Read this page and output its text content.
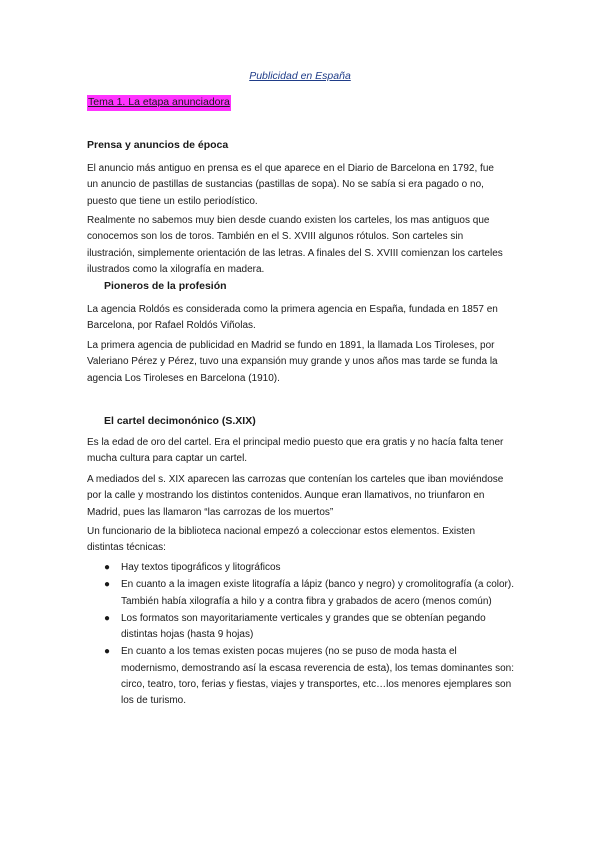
Publicidad en España
Tema 1. La etapa anunciadora
Prensa y anuncios de época

El anuncio más antiguo en prensa es el que aparece en el Diario de Barcelona en 1792, fue un anuncio de pastillas de sustancias (pastillas de sopa). No se sabía si era pagado o no, puesto que tiene un estilo periodístico.

Realmente no sabemos muy bien desde cuando existen los carteles, los mas antiguos que conocemos son los de toros. También en el S. XVIII algunos rótulos. Son carteles sin ilustración, simplemente orientación de las letras. A finales del S. XVIII comienzan los carteles ilustrados como la xilografía en madera.

Pioneros de la profesión

La agencia Roldós es considerada como la primera agencia en España, fundada en 1857 en Barcelona, por Rafael Roldós Viñolas.

La primera agencia de publicidad en Madrid se fundo en 1891, la llamada Los Tiroleses, por Valeriano Pérez y Pérez, tuvo una expansión muy grande y unos años mas tarde se funda la agencia Los Tiroleses en Barcelona (1910).

El cartel decimonónico (S.XIX)

Es la edad de oro del cartel. Era el principal medio puesto que era gratis y no hacía falta tener mucha cultura para captar un cartel.

A mediados del s. XIX aparecen las carrozas que contenían los carteles que iban moviéndose por la calle y mostrando los distintos contenidos. Aunque eran llamativos, no triunfaron en Madrid, pues las llamaron “las carrozas de los muertos”

Un funcionario de la biblioteca nacional empezó a coleccionar estos elementos. Existen distintas técnicas:

● Hay textos tipográficos y litográficos
● En cuanto a la imagen existe litografía a lápiz (banco y negro) y cromolitografía (a color). También había xilografía a hilo y a contra fibra y grabados de acero (menos común)
● Los formatos son mayoritariamente verticales y grandes que se obtenían pegando distintas hojas (hasta 9 hojas)
● En cuanto a los temas existen pocas mujeres (no se puso de moda hasta el modernismo, demostrando así la escasa reverencia de esta), los temas dominantes son: circo, teatro, toro, ferias y fiestas, viajes y transportes, etc…los menores ejemplares son los de turismo.
